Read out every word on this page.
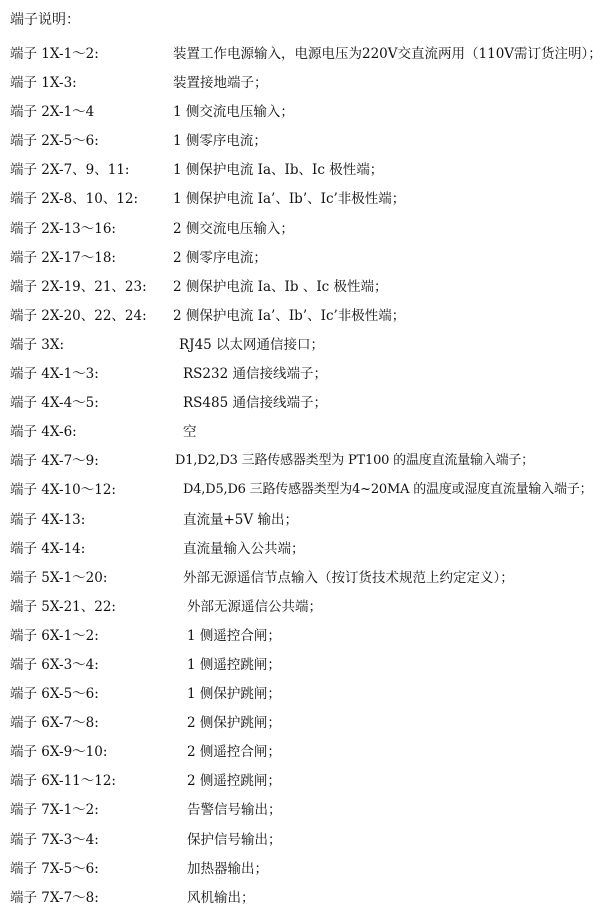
端子说明：
端子 1X-1～2:	装置工作电源输入，电源电压为220V交直流两用（110V需订货注明）；
端子 1X-3:	装置接地端子；
端子 2X-1～4	1 侧交流电压输入；
端子 2X-5～6:	1 侧零序电流；
端子 2X-7、9、11:	1 侧保护电流 Ia、Ib、Ic 极性端；
端子 2X-8、10、12:	1 侧保护电流 Ia’、Ib’、Ic’非极性端；
端子 2X-13～16:	2 侧交流电压输入；
端子 2X-17～18:	2 侧零序电流；
端子 2X-19、21、23: 2 侧保护电流 Ia、Ib 、Ic 极性端；
端子 2X-20、22、24: 2 侧保护电流 Ia’、Ib’、Ic’非极性端；
端子 3X:	RJ45 以太网通信接口；
端子 4X-1～3:	RS232 通信接线端子；
端子 4X-4～5:	RS485 通信接线端子；
端子 4X-6:	空
端子 4X-7～9:	D1,D2,D3 三路传感器类型为 PT100 的温度直流量输入端子；
端子 4X-10～12:	D4,D5,D6 三路传感器类型为4~20MA 的温度或湿度直流量输入端子；
端子 4X-13:	直流量+5V 输出；
端子 4X-14:	直流量输入公共端；
端子 5X-1～20:	外部无源遥信节点输入（按订货技术规范上约定定义）；
端子 5X-21、22:	外部无源遥信公共端；
端子 6X-1～2:	1 侧遥控合闸；
端子 6X-3～4:	1 侧遥控跳闸；
端子 6X-5～6:	1 侧保护跳闸；
端子 6X-7～8:	2 侧保护跳闸；
端子 6X-9～10:	2 侧遥控合闸；
端子 6X-11～12:	2 侧遥控跳闸；
端子 7X-1～2:	告警信号输出；
端子 7X-3～4:	保护信号输出；
端子 7X-5～6:	加热器输出；
端子 7X-7～8:	风机输出；
